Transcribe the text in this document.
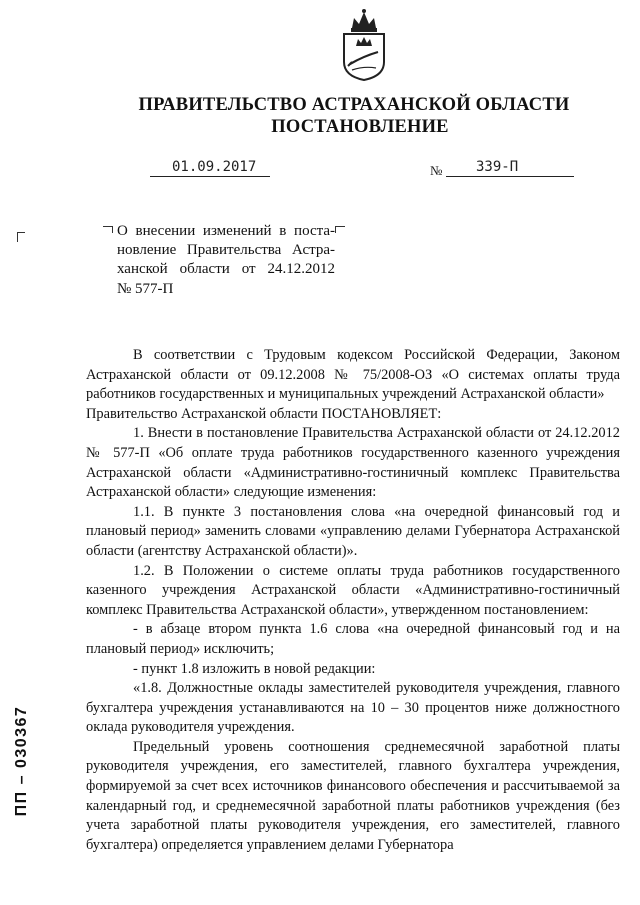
ПРАВИТЕЛЬСТВО АСТРАХАНСКОЙ ОБЛАСТИ
ПОСТАНОВЛЕНИЕ
01.09.2017	№ 339-П
О внесении изменений в поста-
новление Правительства Астра-
ханской области от 24.12.2012
№ 577-П

В соответствии с Трудовым кодексом Российской Федерации, Законом Астраханской области от 09.12.2008 № 75/2008-ОЗ «О системах оплаты труда работников государственных и муниципальных учреждений Астраханской области»

Правительство Астраханской области ПОСТАНОВЛЯЕТ:

1. Внести в постановление Правительства Астраханской области от 24.12.2012 № 577-П «Об оплате труда работников государственного казенного учреждения Астраханской области «Административно-гостиничный комплекс Правительства Астраханской области» следующие изменения:

1.1. В пункте 3 постановления слова «на очередной финансовый год и плановый период» заменить словами «управлению делами Губернатора Астраханской области (агентству Астраханской области)».

1.2. В Положении о системе оплаты труда работников государственного казенного учреждения Астраханской области «Административно-гостиничный комплекс Правительства Астраханской области», утвержденном постановлением:

- в абзаце втором пункта 1.6 слова «на очередной финансовый год и на плановый период» исключить;

- пункт 1.8 изложить в новой редакции:

«1.8. Должностные оклады заместителей руководителя учреждения, главного бухгалтера учреждения устанавливаются на 10 – 30 процентов ниже должностного оклада руководителя учреждения.

Предельный уровень соотношения среднемесячной заработной платы руководителя учреждения, его заместителей, главного бухгалтера учреждения, формируемой за счет всех источников финансового обеспечения и рассчитываемой за календарный год, и среднемесячной заработной платы работников учреждения (без учета заработной платы руководителя учреждения, его заместителей, главного бухгалтера) определяется управлением делами Губернатора

ПП – 030367
